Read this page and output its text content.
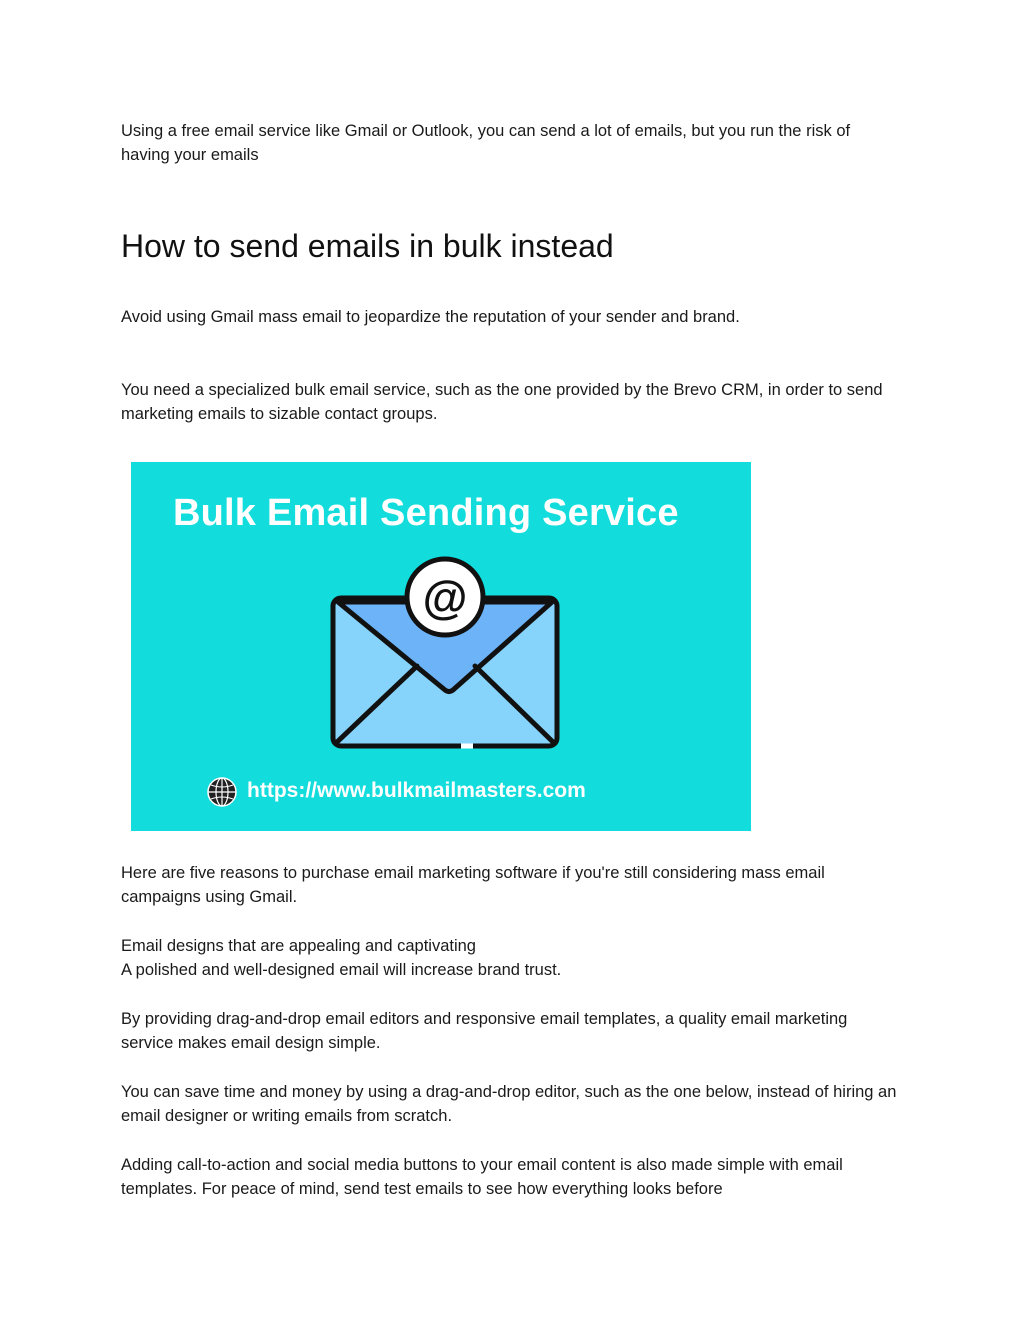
Using a free email service like Gmail or Outlook, you can send a lot of emails, but you run the risk of having your emails

How to send emails in bulk instead

Avoid using Gmail mass email to jeopardize the reputation of your sender and brand.

You need a specialized bulk email service, such as the one provided by the Brevo CRM, in order to send marketing emails to sizable contact groups.

Bulk Email Sending Service
@
https://www.bulkmailmasters.com

Here are five reasons to purchase email marketing software if you're still considering mass email campaigns using Gmail.

Email designs that are appealing and captivating

A polished and well-designed email will increase brand trust.

By providing drag-and-drop email editors and responsive email templates, a quality email marketing service makes email design simple.

You can save time and money by using a drag-and-drop editor, such as the one below, instead of hiring an email designer or writing emails from scratch.

Adding call-to-action and social media buttons to your email content is also made simple with email templates. For peace of mind, send test emails to see how everything looks before
